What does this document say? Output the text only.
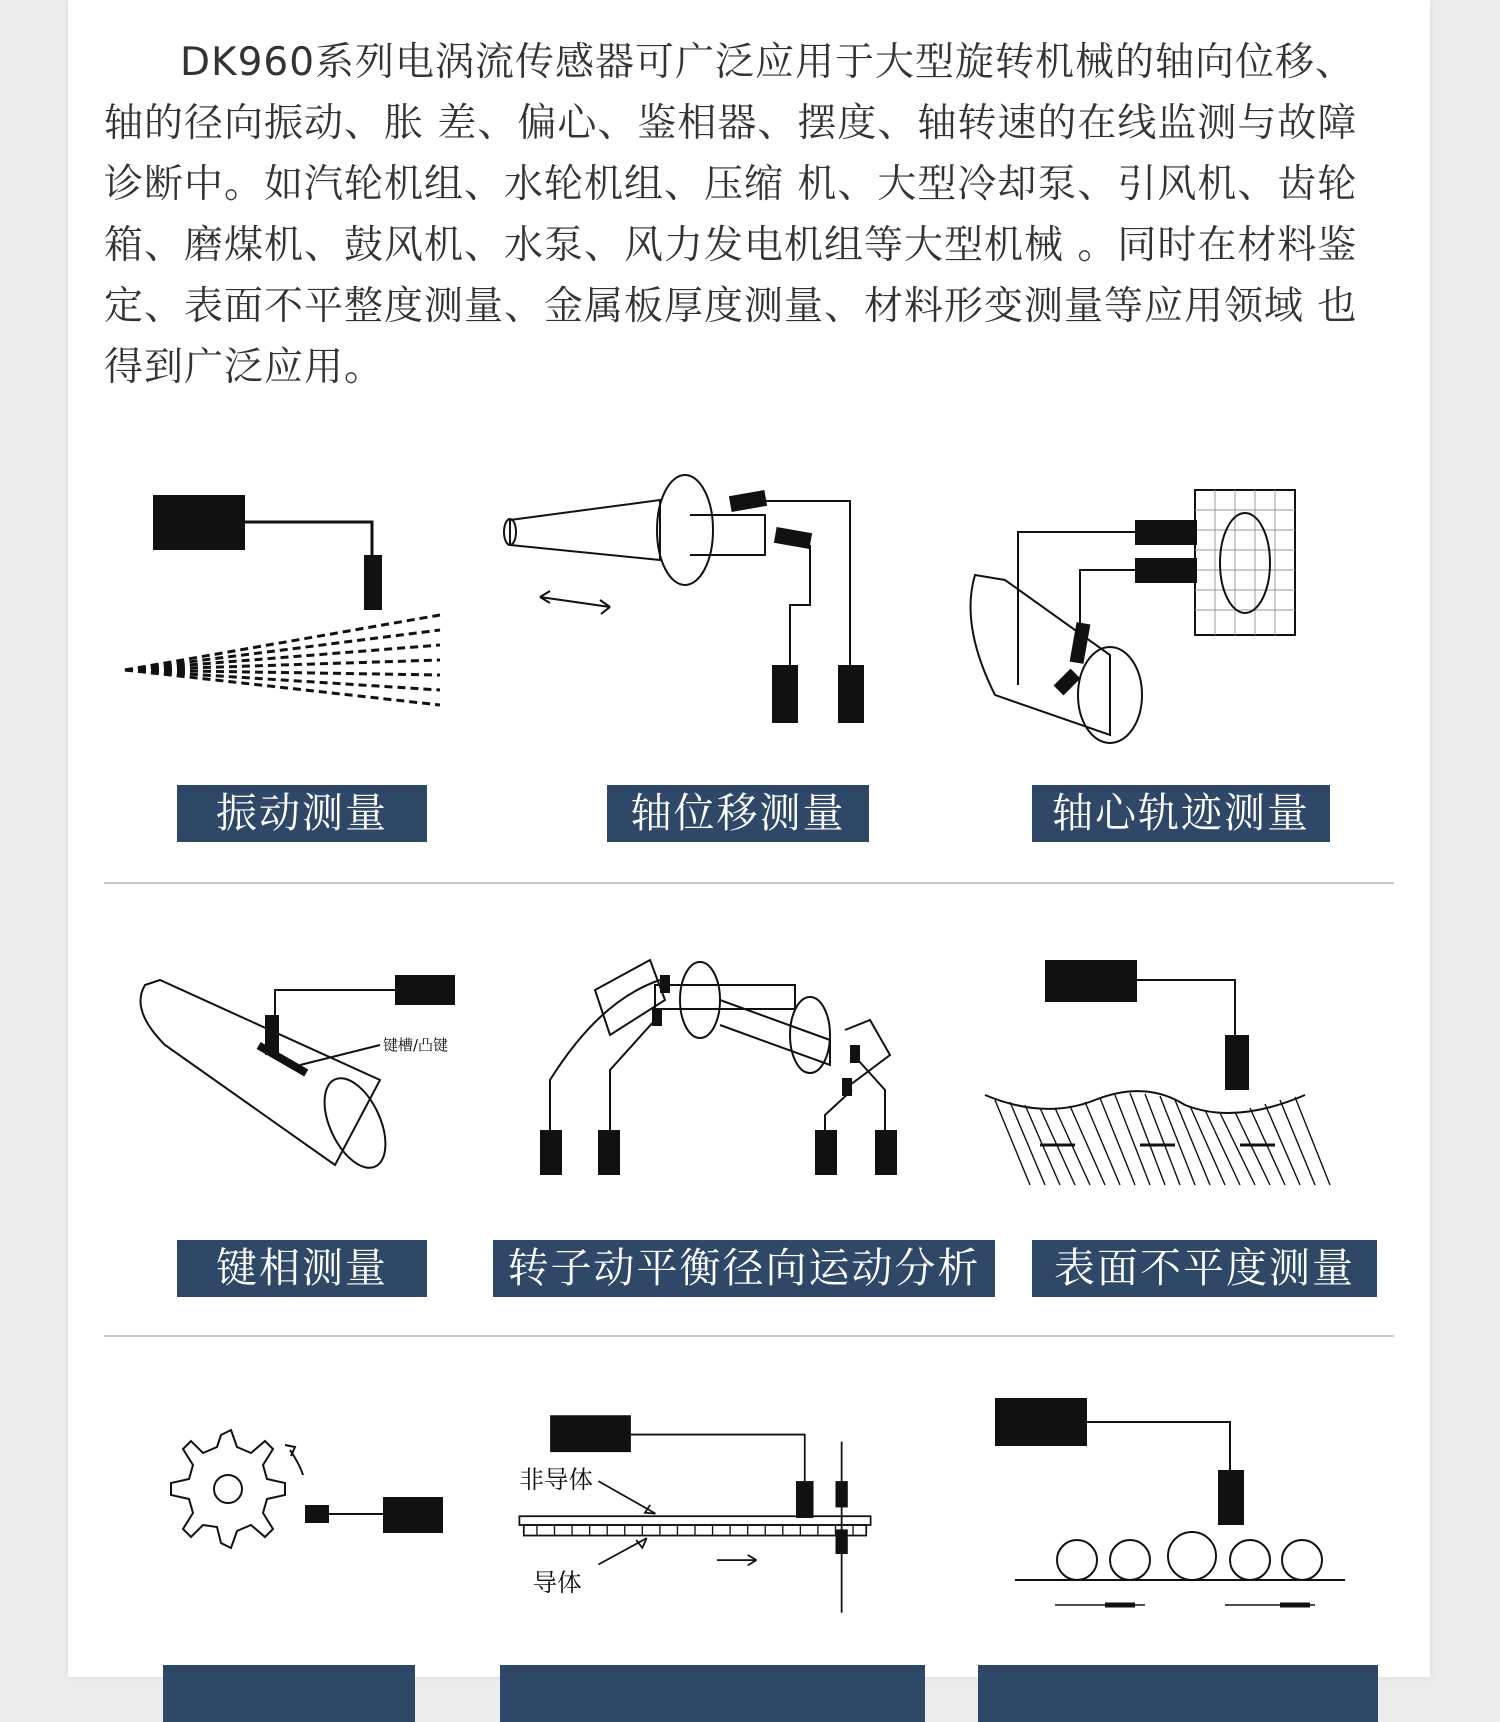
DK960系列电涡流传感器可广泛应用于大型旋转机械的轴向位移、轴的径向振动、胀 差、偏心、鉴相器、摆度、轴转速的在线监测与故障诊断中。如汽轮机组、水轮机组、压缩 机、大型冷却泵、引风机、齿轮箱、磨煤机、鼓风机、水泵、风力发电机组等大型机械 。同时在材料鉴定、表面不平整度测量、金属板厚度测量、材料形变测量等应用领域 也得到广泛应用。

振动测量	轴位移测量	轴心轨迹测量
键槽/凸键
键相测量	转子动平衡径向运动分析	表面不平度测量
非导体
导体
